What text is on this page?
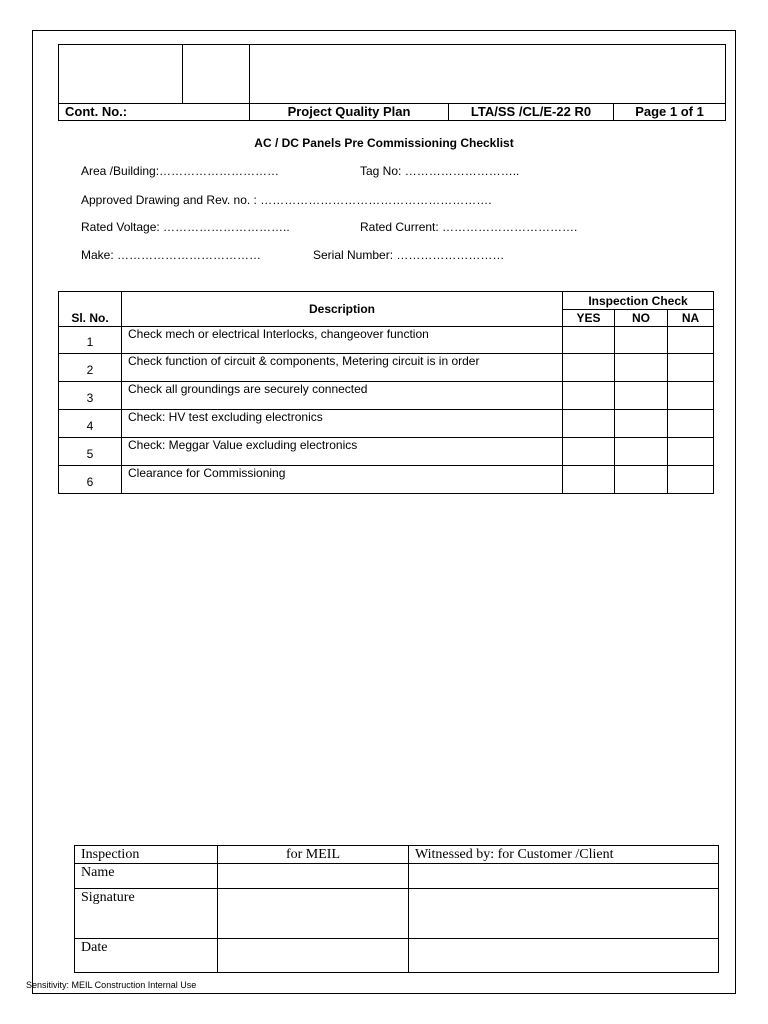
Cont. No.:		Project Quality Plan	LTA/SS /CL/E-22 R0	Page 1 of 1
AC / DC Panels Pre Commissioning Checklist
Area /Building:…………………………	Tag No: ………………………..
Approved Drawing and Rev. no. : ………………………………………………….
Rated Voltage: …………………………..	Rated Current: …………………………….
Make: ………………………………	Serial Number: ………………………
Sl. No.	Description	Inspection Check		
		YES	NO	NA
1	Check mech or electrical Interlocks, changeover function			
2	Check function of circuit & components, Metering circuit is in order			
3	Check all groundings are securely connected			
4	Check: HV test excluding electronics			
5	Check: Meggar Value excluding electronics			
6	Clearance for Commissioning			
Inspection	for MEIL	Witnessed by: for Customer /Client
Name		
Signature		
Date		
Sensitivity: MEIL Construction Internal Use
